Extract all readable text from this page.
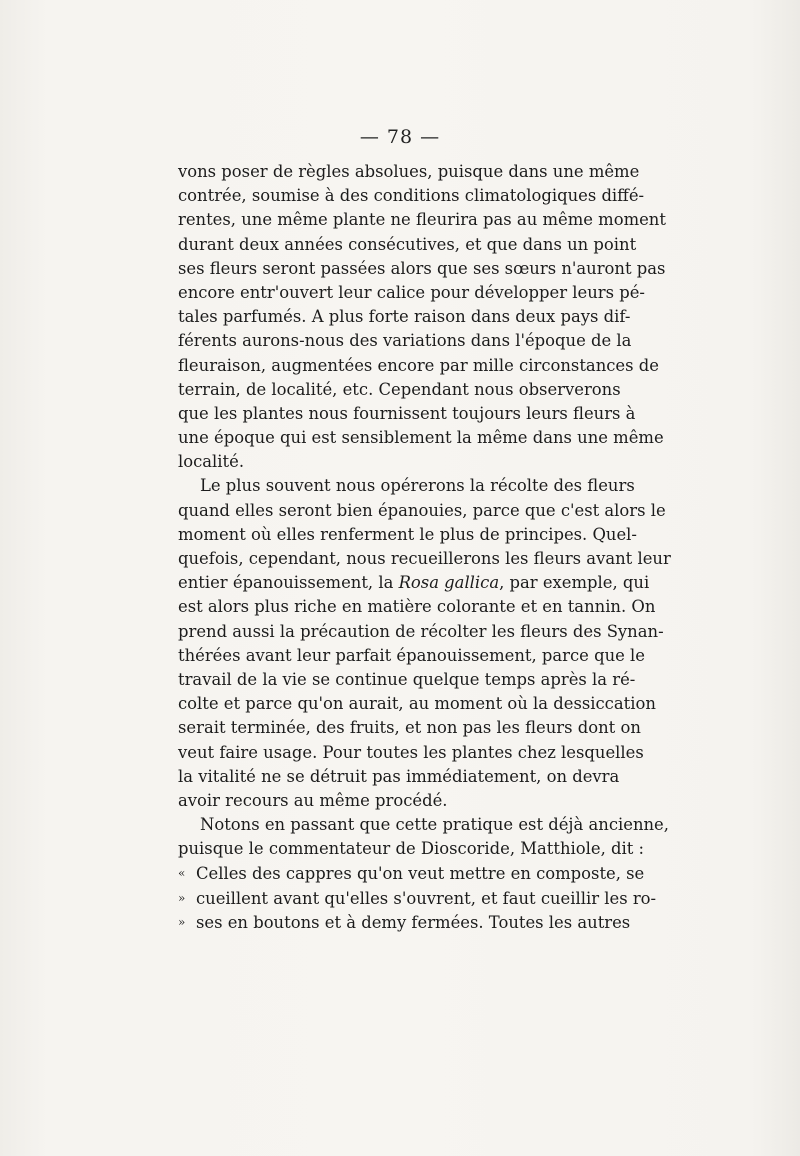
— 78 —
vons poser de règles absolues, puisque dans une même
contrée, soumise à des conditions climatologiques diffé-
rentes, une même plante ne fleurira pas au même moment
durant deux années consécutives, et que dans un point
ses fleurs seront passées alors que ses sœurs n'auront pas
encore entr'ouvert leur calice pour développer leurs pé-
tales parfumés. A plus forte raison dans deux pays dif-
férents aurons-nous des variations dans l'époque de la
fleuraison, augmentées encore par mille circonstances de
terrain, de localité, etc. Cependant nous observerons
que les plantes nous fournissent toujours leurs fleurs à
une époque qui est sensiblement la même dans une même
localité.
Le plus souvent nous opérerons la récolte des fleurs
quand elles seront bien épanouies, parce que c'est alors le
moment où elles renferment le plus de principes. Quel-
quefois, cependant, nous recueillerons les fleurs avant leur
entier épanouissement, la Rosa gallica, par exemple, qui
est alors plus riche en matière colorante et en tannin. On
prend aussi la précaution de récolter les fleurs des Synan-
thérées avant leur parfait épanouissement, parce que le
travail de la vie se continue quelque temps après la ré-
colte et parce qu'on aurait, au moment où la dessiccation
serait terminée, des fruits, et non pas les fleurs dont on
veut faire usage. Pour toutes les plantes chez lesquelles
la vitalité ne se détruit pas immédiatement, on devra
avoir recours au même procédé.
Notons en passant que cette pratique est déjà ancienne,
puisque le commentateur de Dioscoride, Matthiole, dit :
« Celles des cappres qu'on veut mettre en composte, se
» cueillent avant qu'elles s'ouvrent, et faut cueillir les ro-
» ses en boutons et à demy fermées. Toutes les autres
